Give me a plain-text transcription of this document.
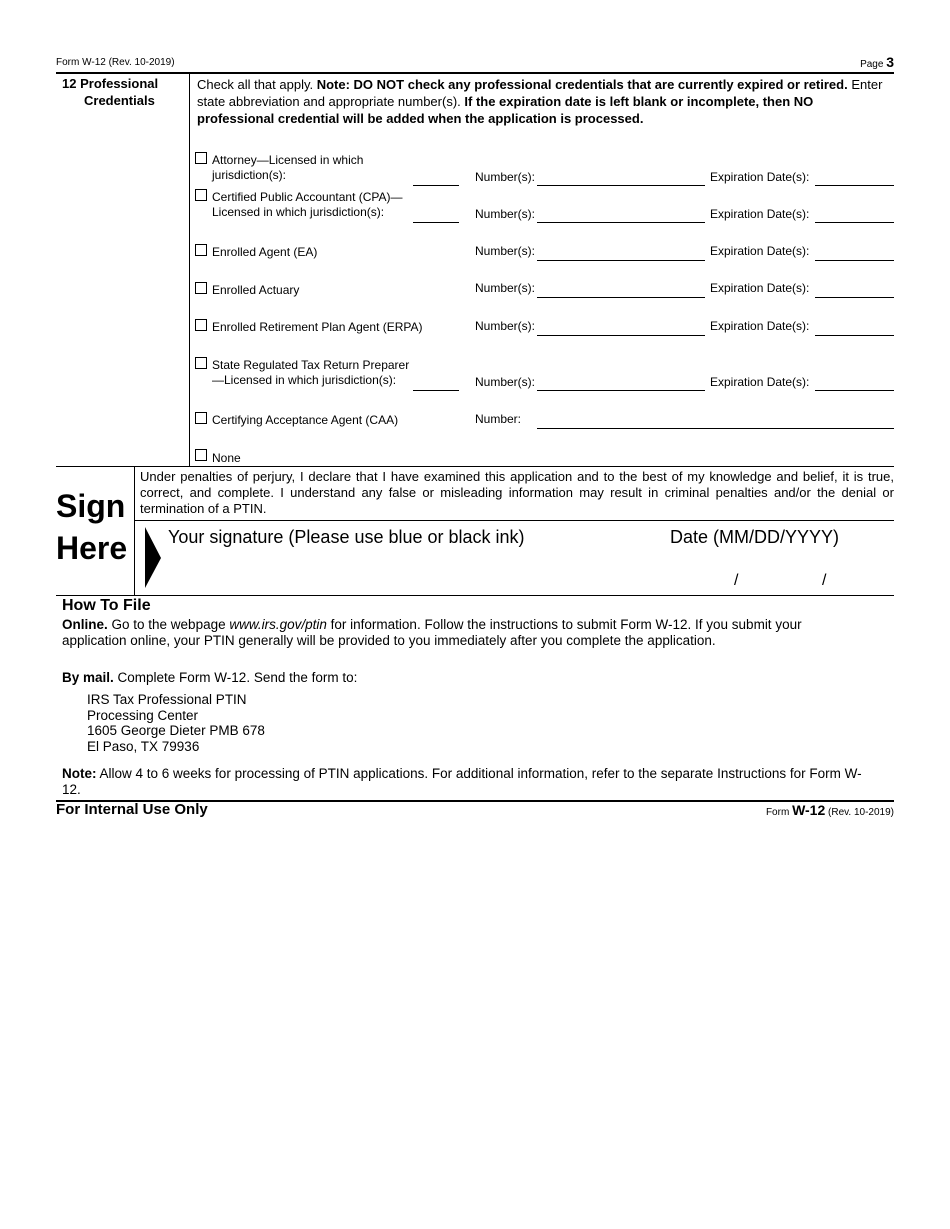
Form W-12 (Rev. 10-2019)	Page 3
12 Professional
Credentials
Check all that apply. Note: DO NOT check any professional credentials that are currently expired or retired. Enter state abbreviation and appropriate number(s). If the expiration date is left blank or incomplete, then NO professional credential will be added when the application is processed.
Attorney—Licensed in which
jurisdiction(s):	Number(s):	Expiration Date(s):
Certified Public Accountant (CPA)—
Licensed in which jurisdiction(s):	Number(s):	Expiration Date(s):
Enrolled Agent (EA)	Number(s):	Expiration Date(s):
Enrolled Actuary	Number(s):	Expiration Date(s):
Enrolled Retirement Plan Agent (ERPA)	Number(s):	Expiration Date(s):
State Regulated Tax Return Preparer
—Licensed in which jurisdiction(s):	Number(s):	Expiration Date(s):
Certifying Acceptance Agent (CAA)	Number:
None
Sign
Here
Under penalties of perjury, I declare that I have examined this application and to the best of my knowledge and belief, it is true, correct, and complete. I understand any false or misleading information may result in criminal penalties and/or the denial or termination of a PTIN.
Your signature (Please use blue or black ink)	Date (MM/DD/YYYY)
/	/
How To File
Online. Go to the webpage www.irs.gov/ptin for information. Follow the instructions to submit Form W-12. If you submit your application online, your PTIN generally will be provided to you immediately after you complete the application.
By mail. Complete Form W-12. Send the form to:
IRS Tax Professional PTIN
Processing Center
1605 George Dieter PMB 678
El Paso, TX 79936
Note: Allow 4 to 6 weeks for processing of PTIN applications. For additional information, refer to the separate Instructions for Form W-12.
For Internal Use Only	Form W-12 (Rev. 10-2019)
